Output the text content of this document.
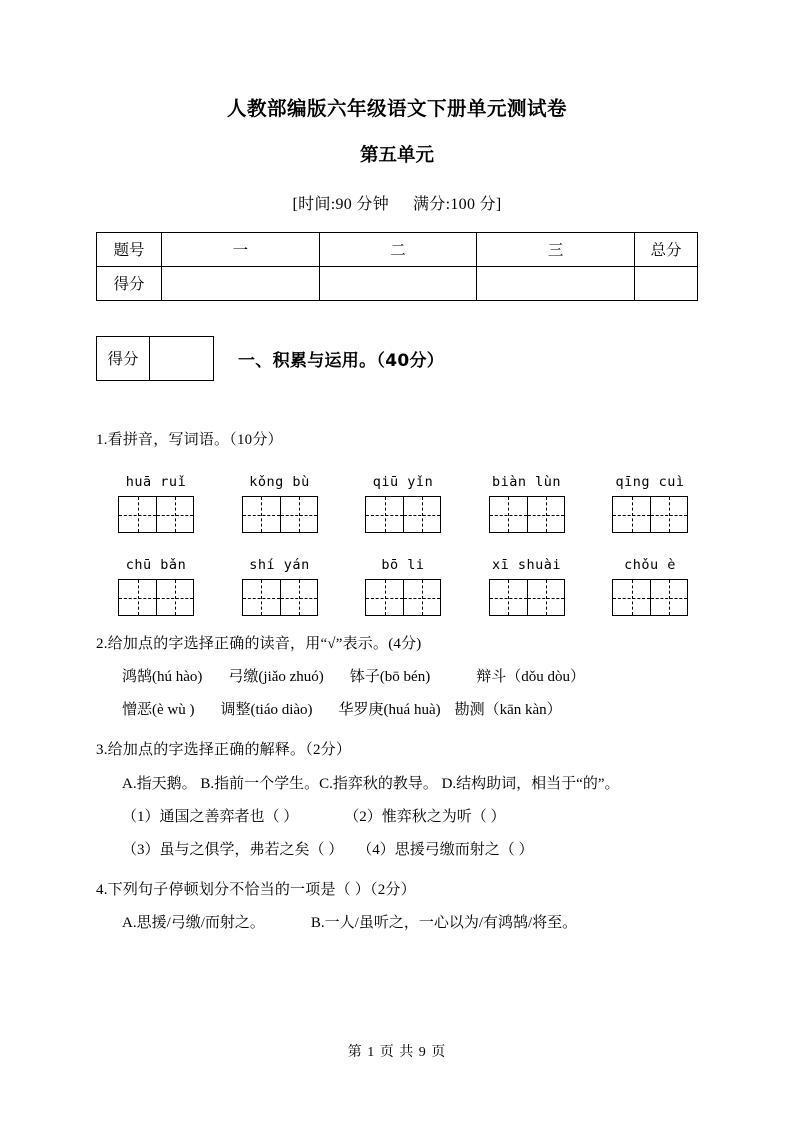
人教部编版六年级语文下册单元测试卷
第五单元

[时间:90 分钟 满分:100 分]

题号	一	二	三	总分
得分				
得分	一、积累与运用。（40分）
1.看拼音，写词语。（10分）
huā ruǐ	kǒng bù	qiū yǐn	biàn lùn	qīng cuì
chū bǎn	shí yán	bō li	xī shuài	chǒu è
2.给加点的字选择正确的读音，用“√”表示。(4分)
鸿鹄(hú hào) 弓缴(jiǎo zhuó) 钵子(bō bén)	辩斗（dǒu dòu）
憎恶(è wù ) 调整(tiáo diào) 华罗庚(huá huà) 勘测（kān kàn）
3.给加点的字选择正确的解释。（2分）
A.指天鹅。 B.指前一个学生。C.指弈秋的教导。 D.结构助词，相当于“的”。
（1）通国之善弈者也（ ）	（2）惟弈秋之为听（ ）
（3）虽与之俱学，弗若之矣（ ） （4）思援弓缴而射之（ ）
4.下列句子停顿划分不恰当的一项是（ ）（2分）
A.思援/弓缴/而射之。	B.一人/虽听之，一心以为/有鸿鹄/将至。
第 1 页 共 9 页
